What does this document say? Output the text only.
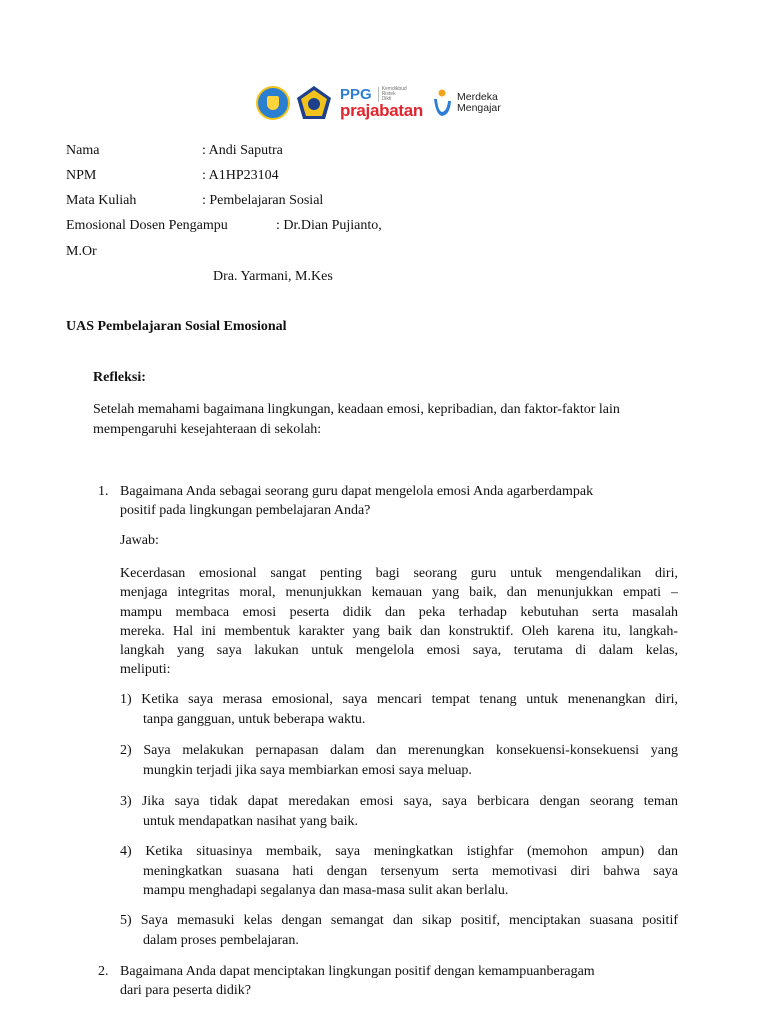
PPG	Kemdikbud Ristek Dikti
prajabatan
Merdeka
Mengajar
Nama	: Andi Saputra
NPM	: A1HP23104
Mata Kuliah	: Pembelajaran Sosial
Emosional Dosen Pengampu	: Dr.Dian Pujianto,
M.Or
Dra. Yarmani, M.Kes
UAS Pembelajaran Sosial Emosional
Refleksi:
Setelah memahami bagaimana lingkungan, keadaan emosi, kepribadian, dan faktor-faktor lain
mempengaruhi kesejahteraan di sekolah:
1. Bagaimana Anda sebagai seorang guru dapat mengelola emosi Anda agarberdampak
positif pada lingkungan pembelajaran Anda?
Jawab:
Kecerdasan emosional sangat penting bagi seorang guru untuk mengendalikan diri,
menjaga integritas moral, menunjukkan kemauan yang baik, dan menunjukkan empati –
mampu membaca emosi peserta didik dan peka terhadap kebutuhan serta masalah
mereka. Hal ini membentuk karakter yang baik dan konstruktif. Oleh karena itu, langkah-
langkah yang saya lakukan untuk mengelola emosi saya, terutama di dalam kelas,
meliputi:
1) Ketika saya merasa emosional, saya mencari tempat tenang untuk menenangkan diri,
tanpa gangguan, untuk beberapa waktu.
2) Saya melakukan pernapasan dalam dan merenungkan konsekuensi-konsekuensi yang
mungkin terjadi jika saya membiarkan emosi saya meluap.
3) Jika saya tidak dapat meredakan emosi saya, saya berbicara dengan seorang teman
untuk mendapatkan nasihat yang baik.
4) Ketika situasinya membaik, saya meningkatkan istighfar (memohon ampun) dan
meningkatkan suasana hati dengan tersenyum serta memotivasi diri bahwa saya
mampu menghadapi segalanya dan masa-masa sulit akan berlalu.
5) Saya memasuki kelas dengan semangat dan sikap positif, menciptakan suasana positif
dalam proses pembelajaran.
2. Bagaimana Anda dapat menciptakan lingkungan positif dengan kemampuanberagam
dari para peserta didik?
